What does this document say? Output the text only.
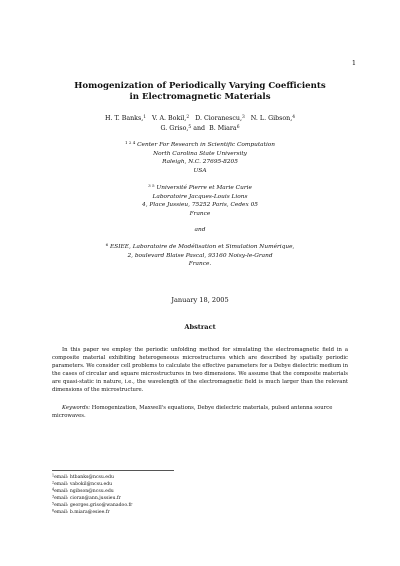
1
Homogenization of Periodically Varying Coefficients
in Electromagnetic Materials
H. T. Banks,$^1$ V. A. Bokil,$^2$ D. Cioranescu,$^3$ N. L. Gibson,$^4$
G. Griso,$^5$ and B. Miara$^6$
$^{1 2 4}$ Center For Research in Scientific Computation
North Carolina State University
Raleigh, N.C. 27695-8205
USA
$^{3 5}$ Université Pierre et Marie Curie
Laboratoire Jacques-Louis Lions
4, Place Jussieu, 75252 Paris, Cedex 05
France
and
$^6$ ESIEE, Laboratoire de Modélisation et Simulation Numérique,
2, boulevard Blaise Pascal, 93160 Noisy-le-Grand
France.
January 18, 2005
Abstract
In this paper we employ the periodic unfolding method for simulating the electromagnetic field in a composite material exhibiting heterogeneous microstructures which are described by spatially periodic parameters. We consider cell problems to calculate the effective parameters for a Debye dielectric medium in the cases of circular and square microstructures in two dimensions. We assume that the composite materials are quasi-static in nature, i.e., the wavelength of the electromagnetic field is much larger than the relevant dimensions of the microstructure.
Keywords: Homogenization, Maxwell's equations, Debye dielectric materials, pulsed antenna source microwaves.
$^1$email: htbanks@ncsu.edu
$^2$email: vabokil@ncsu.edu
$^4$email: ngibson@ncsu.edu
$^3$email: cioran@ann.jussieu.fr
$^5$email: georges.griso@wanadoo.fr
$^6$email: b.miara@esiee.fr
